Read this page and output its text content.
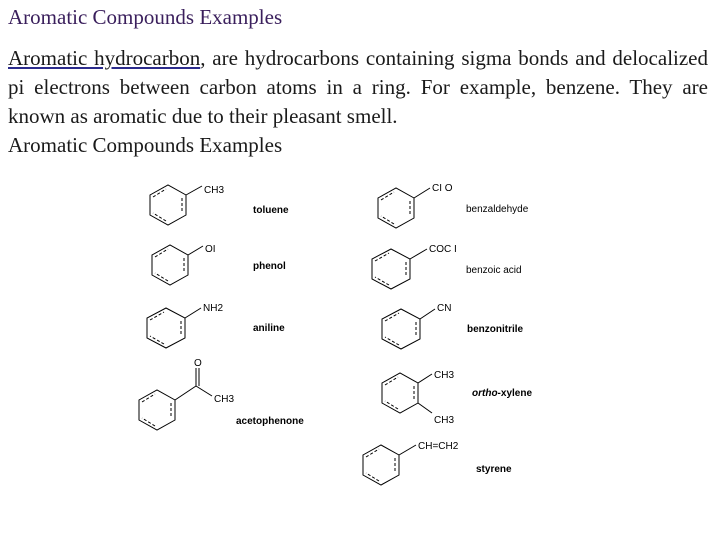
Aromatic Compounds Examples
Aromatic hydrocarbon, are hydrocarbons containing sigma bonds and delocalized pi electrons between carbon atoms in a ring. For example, benzene. They are known as aromatic due to their pleasant smell.
Aromatic Compounds Examples
CH3
toluene
OI
phenol
NH2
aniline
O
CH3
acetophenone
CI O
benzaldehyde
COC I
benzoic acid
CN
benzonitrile
CH3
CH3
ortho-xylene
CH=CH2
styrene
